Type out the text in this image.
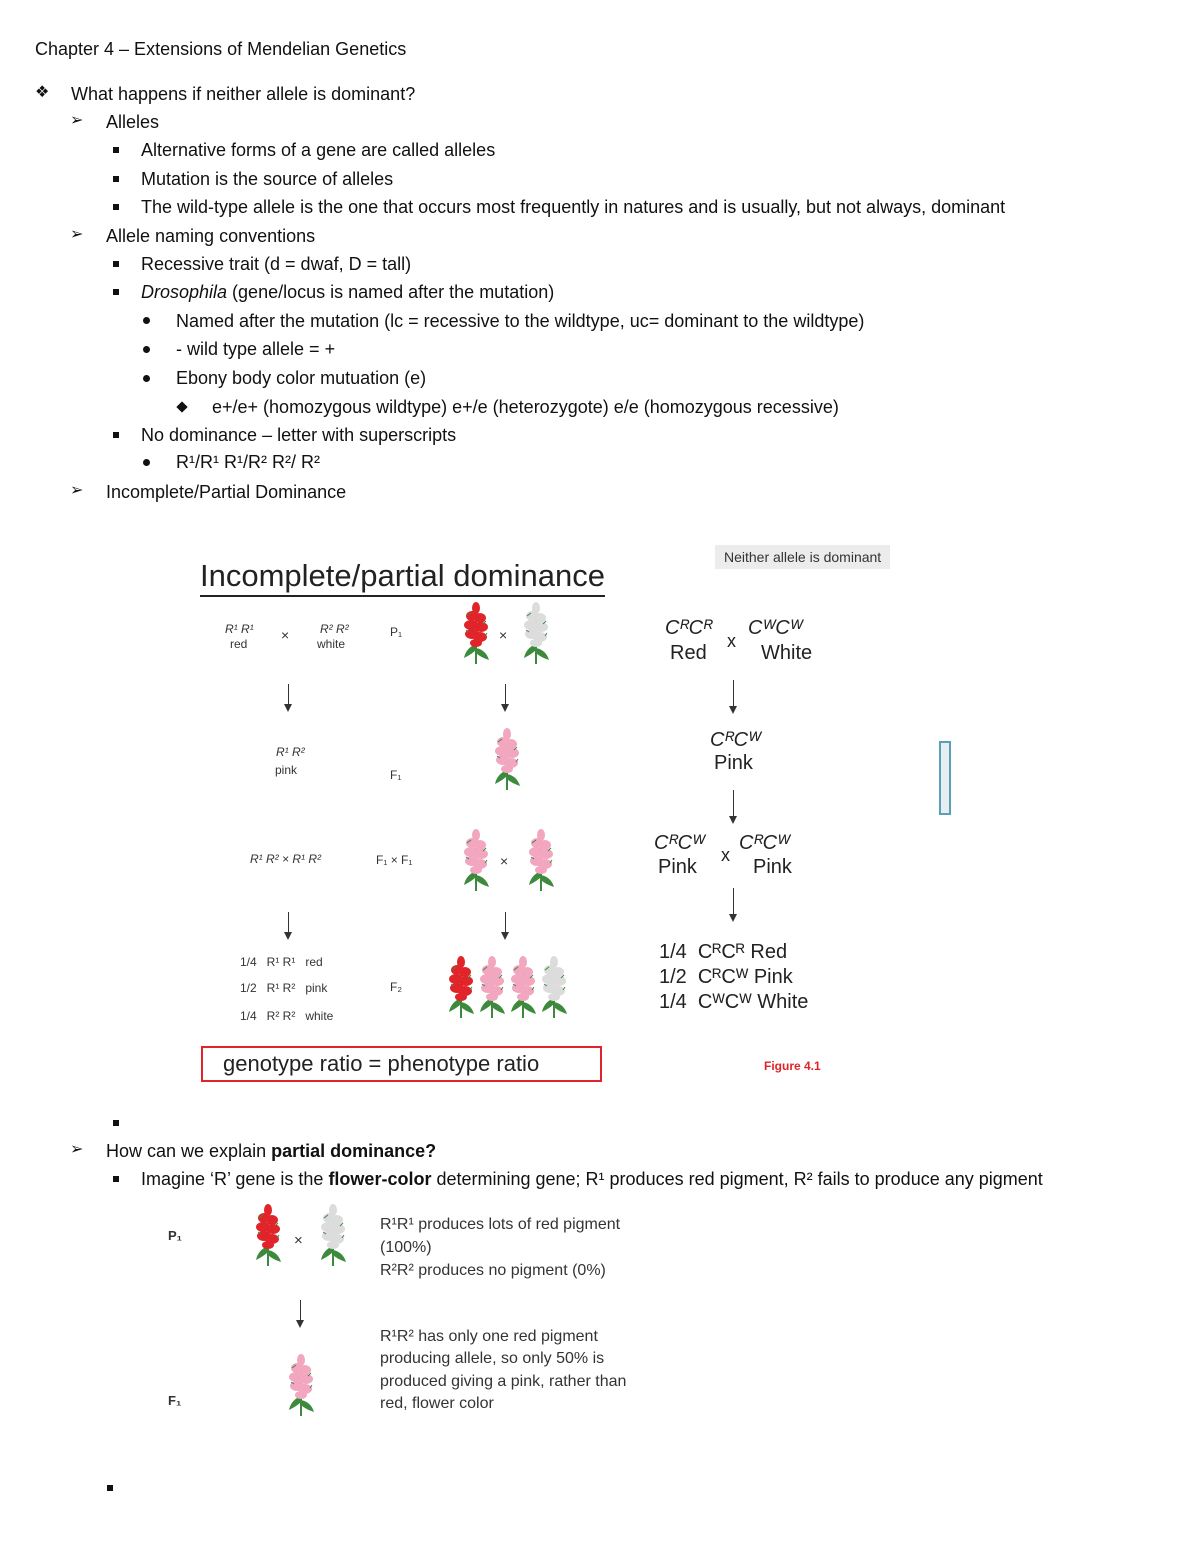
Chapter 4 – Extensions of Mendelian Genetics
❖ What happens if neither allele is dominant?
➢ Alleles
Alternative forms of a gene are called alleles
Mutation is the source of alleles
The wild-type allele is the one that occurs most frequently in natures and is usually, but not always, dominant
➢ Allele naming conventions
Recessive trait (d = dwaf, D = tall)
Drosophila (gene/locus is named after the mutation)
Named after the mutation (lc = recessive to the wildtype, uc= dominant to the wildtype)
- wild type allele = +
Ebony body color mutuation (e)
e+/e+ (homozygous wildtype) e+/e (heterozygote) e/e (homozygous recessive)
No dominance – letter with superscripts
R¹/R¹ R¹/R² R²/ R²
➢ Incomplete/Partial Dominance
Incomplete/partial dominance
Neither allele is dominant
R¹ R¹
red
×	R² R²
white
P₁	×
R¹ R²
pink	F₁
R¹ R² × R¹ R²	F₁ × F₁	×
1/4   R¹ R¹   red
1/2   R¹ R²   pink
1/4   R² R²   white
F₂
genotype ratio = phenotype ratio
CᴿCᴿ
Red
x
CᵂCᵂ
White
CᴿCᵂ
Pink
CᴿCᵂ
Pink
x
CᴿCᵂ
Pink
1/4  CᴿCᴿ Red
1/2  CᴿCᵂ Pink
1/4  CᵂCᵂ White
Figure 4.1
➢ How can we explain partial dominance?
Imagine ‘R’ gene is the flower-color determining gene; R¹ produces red pigment, R² fails to produce any pigment
P₁	×
R¹R¹ produces lots of red pigment
(100%)
R²R² produces no pigment (0%)
F₁
R¹R² has only one red pigment
producing allele, so only 50% is
produced giving a pink, rather than
red, flower color
